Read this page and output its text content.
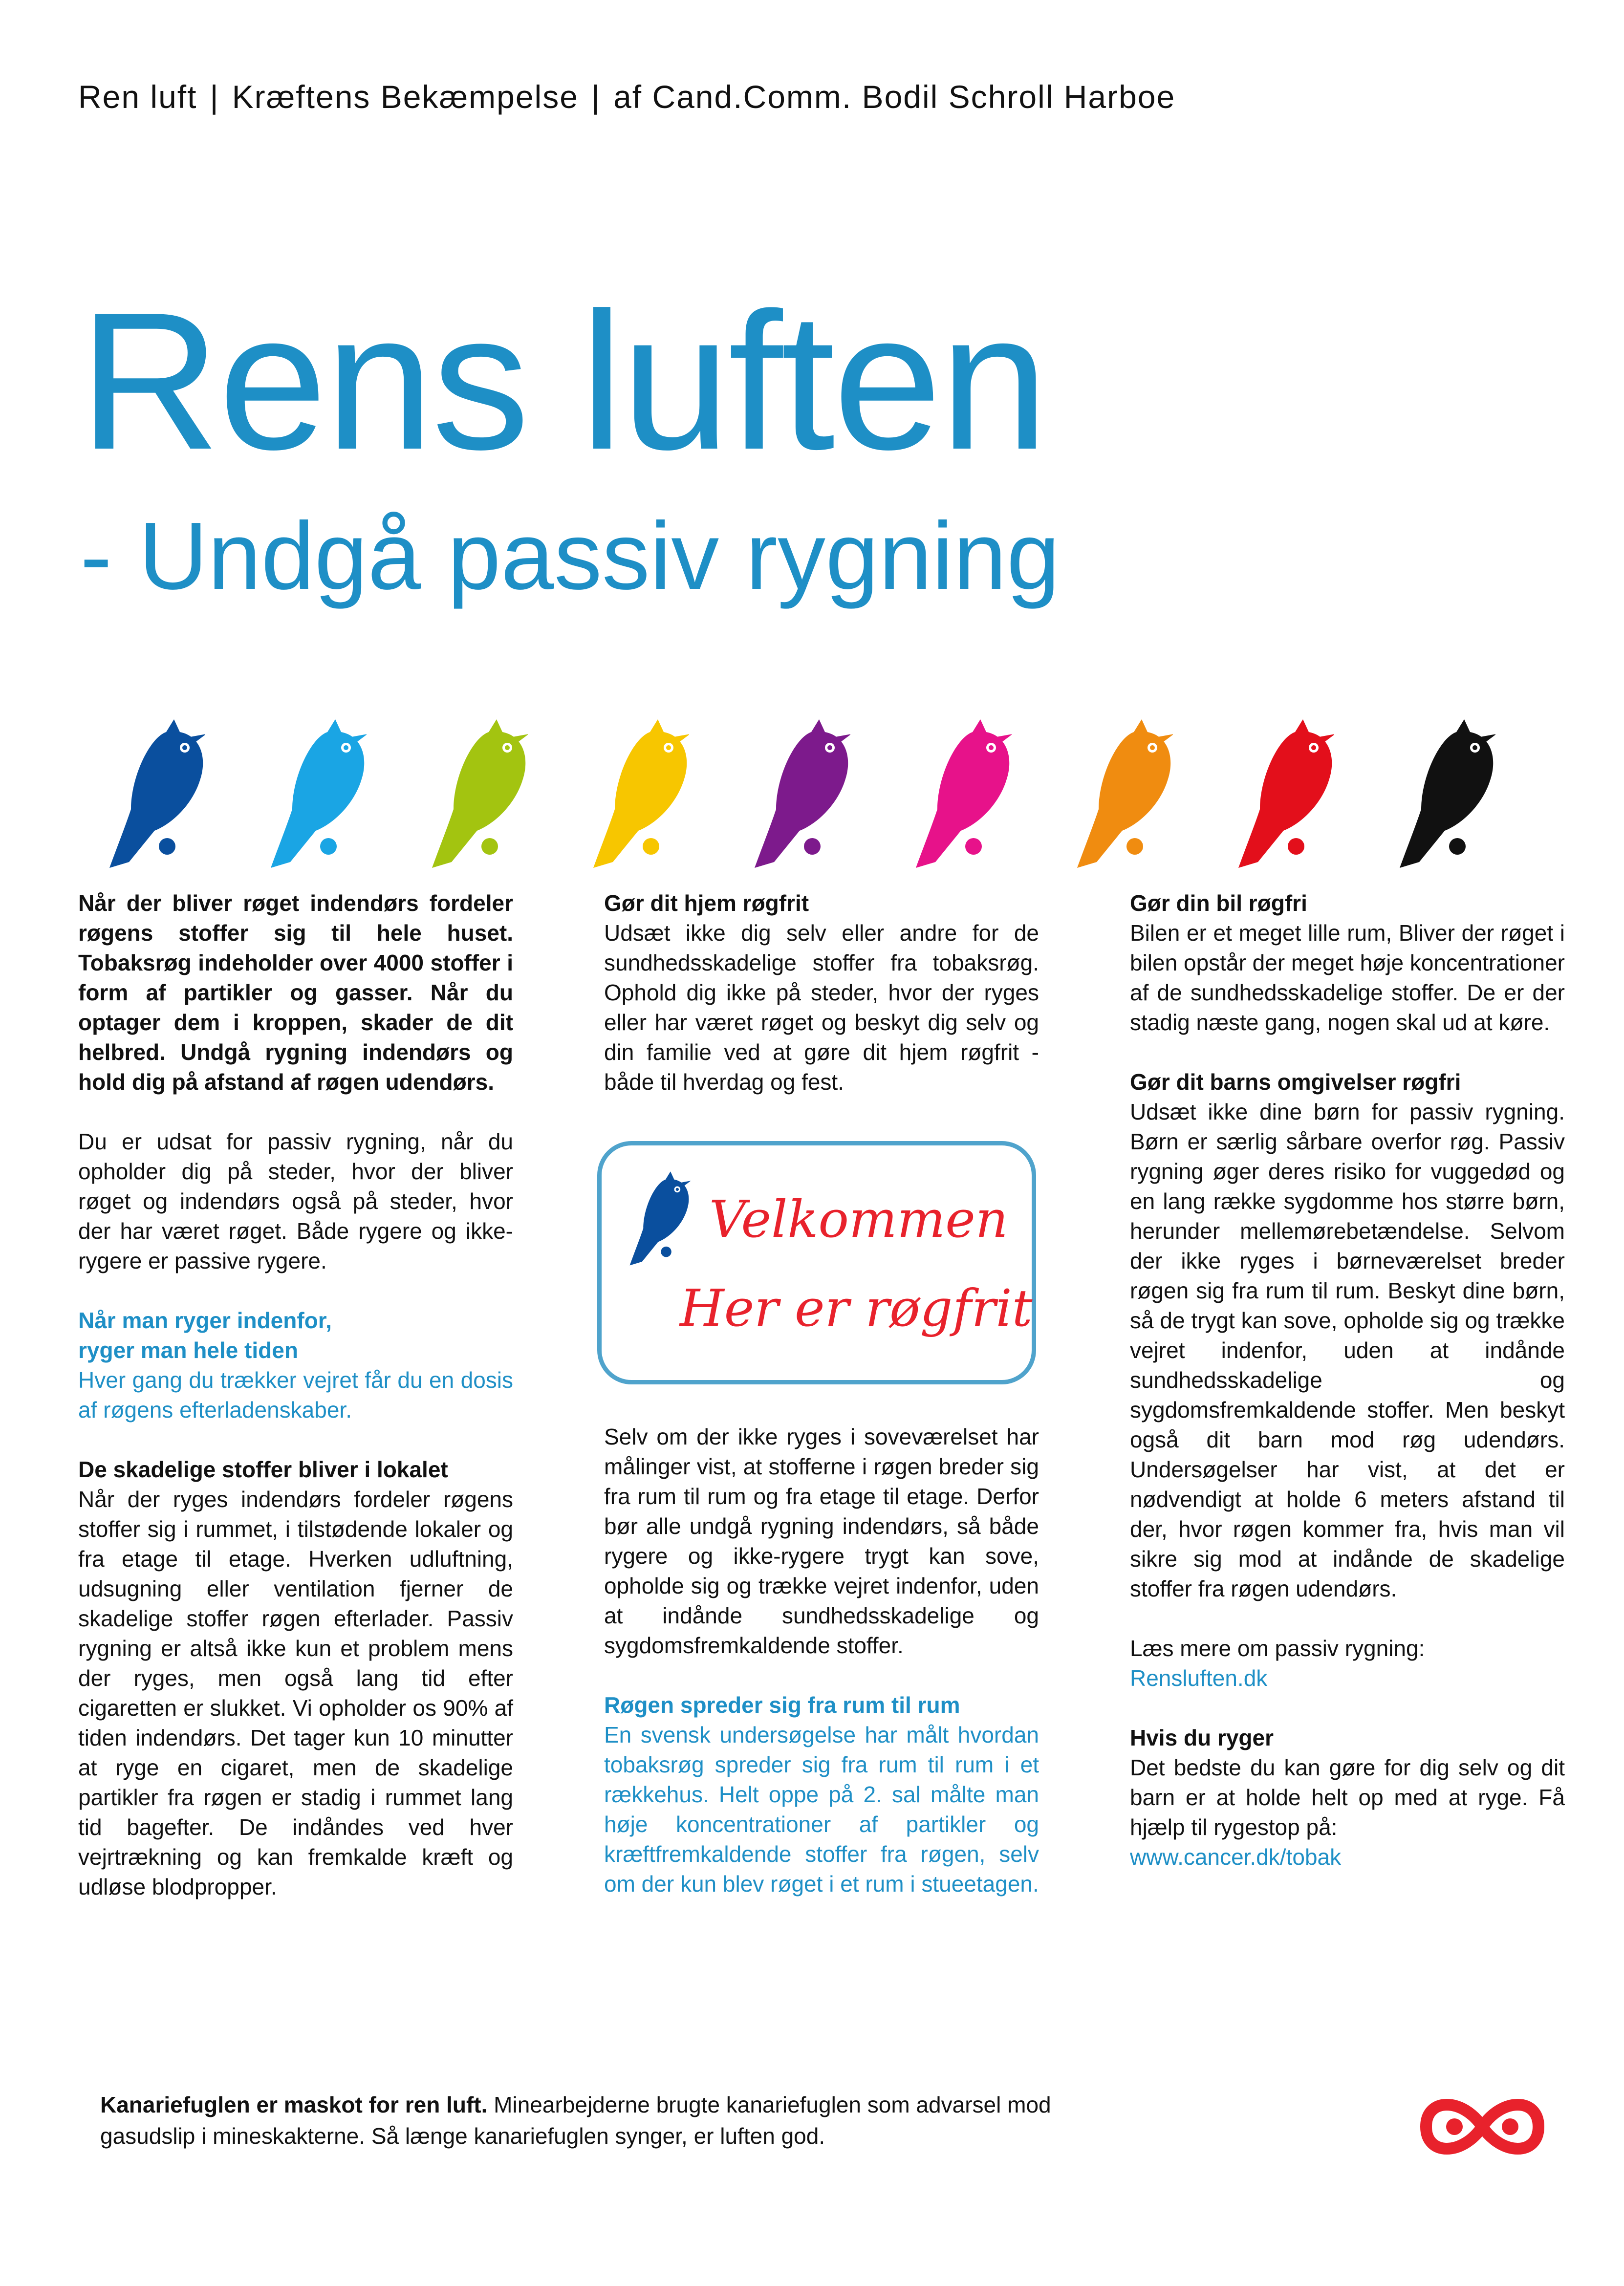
Ren luft | Kræftens Bekæmpelse | af Cand.Comm. Bodil Schroll Harboe
Rens luften
- Undgå passiv rygning

Når der bliver røget indendørs fordeler røgens stoffer sig til hele huset. Tobaksrøg indeholder over 4000 stoffer i form af partikler og gasser. Når du optager dem i kroppen, skader de dit helbred. Undgå rygning indendørs og hold dig på afstand af røgen udendørs.

Du er udsat for passiv rygning, når du opholder dig på steder, hvor der bliver røget og indendørs også på steder, hvor der har været røget. Både rygere og ikke-rygere er passive rygere.

Når man ryger indenfor,

ryger man hele tiden

Hver gang du trækker vejret får du en dosis af røgens efterladenskaber.

De skadelige stoffer bliver i lokalet

Når der ryges indendørs fordeler røgens stoffer sig i rummet, i tilstødende lokaler og fra etage til etage. Hverken udluftning, udsugning eller ventilation fjerner de skadelige stoffer røgen efterlader. Passiv rygning er altså ikke kun et problem mens der ryges, men også lang tid efter cigaretten er slukket. Vi opholder os 90% af tiden indendørs. Det tager kun 10 minutter at ryge en cigaret, men de skadelige partikler fra røgen er stadig i rummet lang tid bagefter. De indåndes ved hver vejrtrækning og kan fremkalde kræft og udløse blodpropper.

Gør dit hjem røgfrit

Udsæt ikke dig selv eller andre for de sundhedsskadelige stoffer fra tobaksrøg. Ophold dig ikke på steder, hvor der ryges eller har været røget og beskyt dig selv og din familie ved at gøre dit hjem røgfrit - både til hverdag og fest.

Velkommen
Her er røgfrit

Selv om der ikke ryges i soveværelset har målinger vist, at stofferne i røgen breder sig fra rum til rum og fra etage til etage. Derfor bør alle undgå rygning indendørs, så både rygere og ikke-rygere trygt kan sove, opholde sig og trække vejret indenfor, uden at indånde sundhedsskadelige og sygdomsfremkaldende stoffer.

Røgen spreder sig fra rum til rum

En svensk undersøgelse har målt hvordan tobaksrøg spreder sig fra rum til rum i et rækkehus. Helt oppe på 2. sal målte man høje koncentrationer af partikler og kræftfremkaldende stoffer fra røgen, selv om der kun blev røget i et rum i stueetagen.

Gør din bil røgfri

Bilen er et meget lille rum, Bliver der røget i bilen opstår der meget høje koncentrationer af de sundhedsskadelige stoffer. De er der stadig næste gang, nogen skal ud at køre.

Gør dit barns omgivelser røgfri

Udsæt ikke dine børn for passiv rygning. Børn er særlig sårbare overfor røg. Passiv rygning øger deres risiko for vuggedød og en lang række sygdomme hos større børn, herunder mellemørebetændelse. Selvom der ikke ryges i børneværelset breder røgen sig fra rum til rum. Beskyt dine børn, så de trygt kan sove, opholde sig og trække vejret indenfor, uden at indånde sundhedsskadelige og sygdomsfremkaldende stoffer. Men beskyt også dit barn mod røg udendørs. Undersøgelser har vist, at det er nødvendigt at holde 6 meters afstand til der, hvor røgen kommer fra, hvis man vil sikre sig mod at indånde de skadelige stoffer fra røgen udendørs.

Læs mere om passiv rygning:

Rensluften.dk

Hvis du ryger

Det bedste du kan gøre for dig selv og dit barn er at holde helt op med at ryge. Få hjælp til rygestop på:

www.cancer.dk/tobak

Kanariefuglen er maskot for ren luft. Minearbejderne brugte kanariefuglen som advarsel mod gasudslip i mineskakterne. Så længe kanariefuglen synger, er luften god.
